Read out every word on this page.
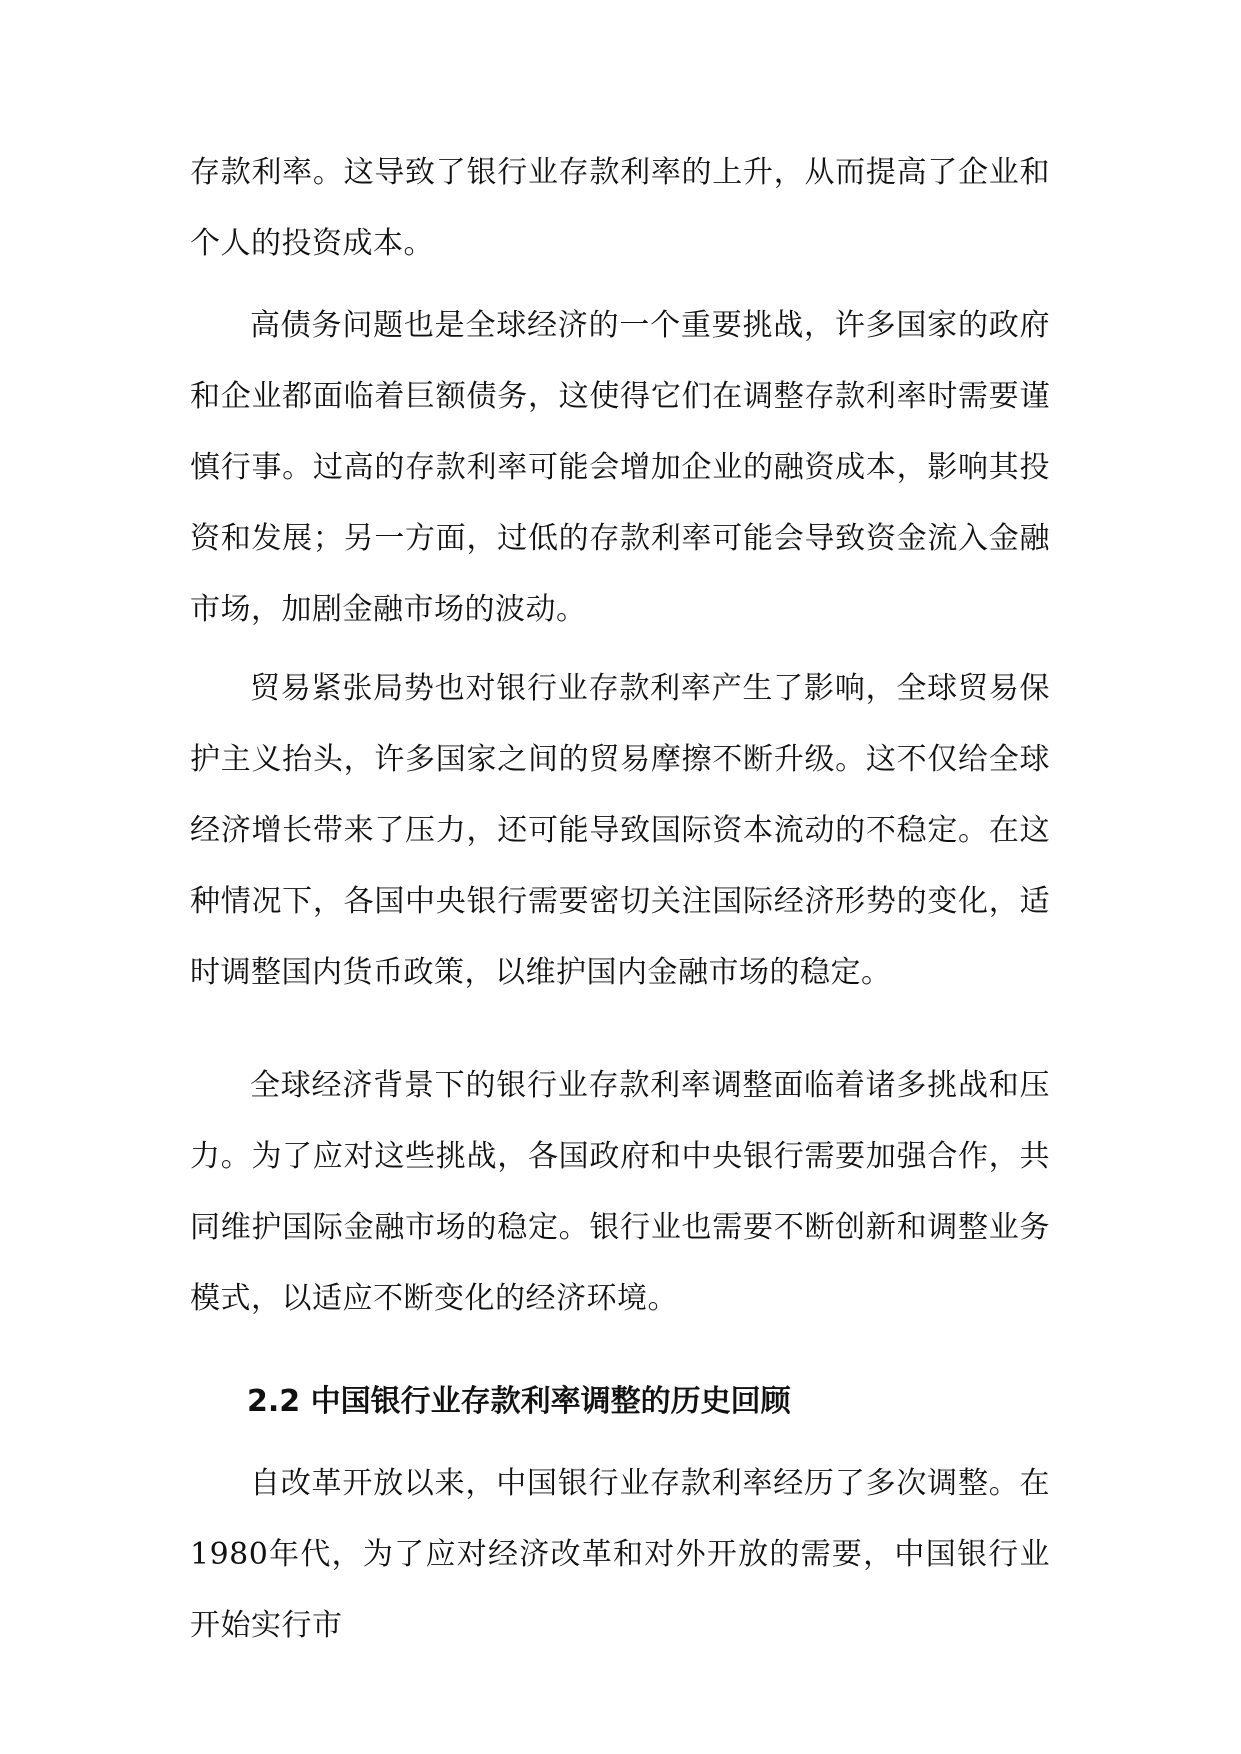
存款利率。这导致了银行业存款利率的上升，从而提高了企业和个人的投资成本。

高债务问题也是全球经济的一个重要挑战，许多国家的政府和企业都面临着巨额债务，这使得它们在调整存款利率时需要谨慎行事。过高的存款利率可能会增加企业的融资成本，影响其投资和发展；另一方面，过低的存款利率可能会导致资金流入金融市场，加剧金融市场的波动。

贸易紧张局势也对银行业存款利率产生了影响，全球贸易保护主义抬头，许多国家之间的贸易摩擦不断升级。这不仅给全球经济增长带来了压力，还可能导致国际资本流动的不稳定。在这种情况下，各国中央银行需要密切关注国际经济形势的变化，适时调整国内货币政策，以维护国内金融市场的稳定。

全球经济背景下的银行业存款利率调整面临着诸多挑战和压力。为了应对这些挑战，各国政府和中央银行需要加强合作，共同维护国际金融市场的稳定。银行业也需要不断创新和调整业务模式，以适应不断变化的经济环境。

2.2 中国银行业存款利率调整的历史回顾

自改革开放以来，中国银行业存款利率经历了多次调整。在1980年代，为了应对经济改革和对外开放的需要，中国银行业开始实行市
